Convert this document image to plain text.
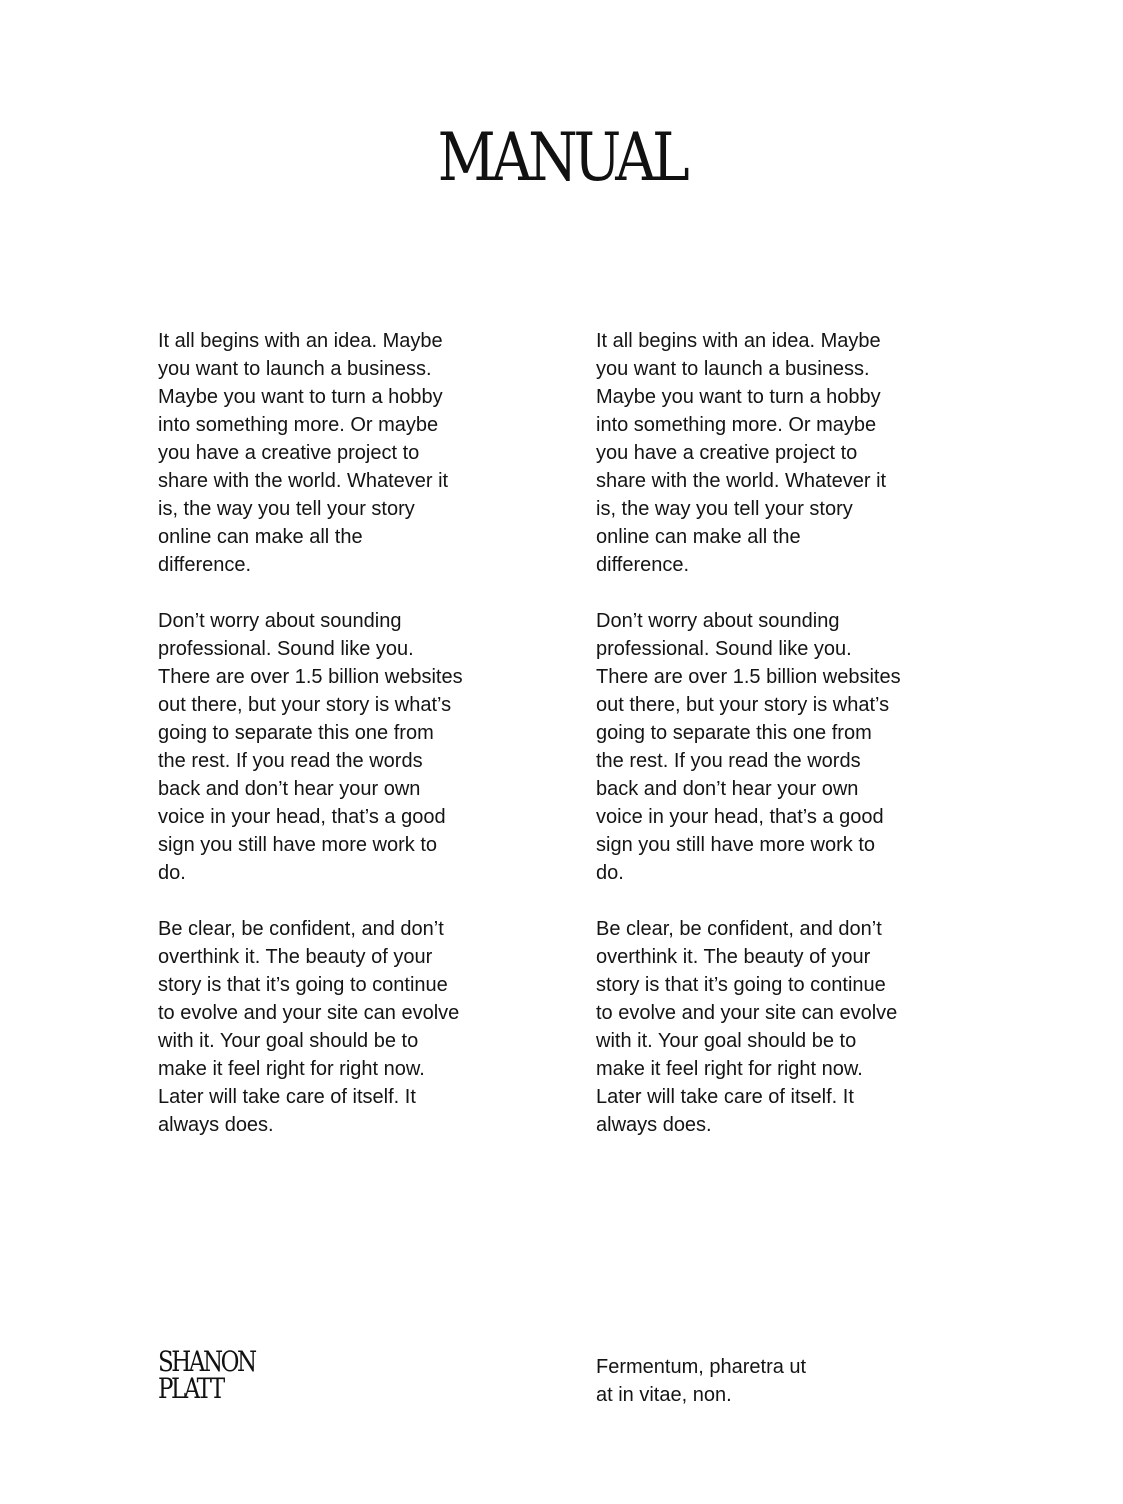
MANUAL

It all begins with an idea. Maybe
you want to launch a business.
Maybe you want to turn a hobby
into something more. Or maybe
you have a creative project to
share with the world. Whatever it
is, the way you tell your story
online can make all the
difference.

Don’t worry about sounding
professional. Sound like you.
There are over 1.5 billion websites
out there, but your story is what’s
going to separate this one from
the rest. If you read the words
back and don’t hear your own
voice in your head, that’s a good
sign you still have more work to
do.

Be clear, be confident, and don’t
overthink it. The beauty of your
story is that it’s going to continue
to evolve and your site can evolve
with it. Your goal should be to
make it feel right for right now.
Later will take care of itself. It
always does.

It all begins with an idea. Maybe
you want to launch a business.
Maybe you want to turn a hobby
into something more. Or maybe
you have a creative project to
share with the world. Whatever it
is, the way you tell your story
online can make all the
difference.

Don’t worry about sounding
professional. Sound like you.
There are over 1.5 billion websites
out there, but your story is what’s
going to separate this one from
the rest. If you read the words
back and don’t hear your own
voice in your head, that’s a good
sign you still have more work to
do.

Be clear, be confident, and don’t
overthink it. The beauty of your
story is that it’s going to continue
to evolve and your site can evolve
with it. Your goal should be to
make it feel right for right now.
Later will take care of itself. It
always does.

SHANON
PLATT
Fermentum, pharetra ut
at in vitae, non.
